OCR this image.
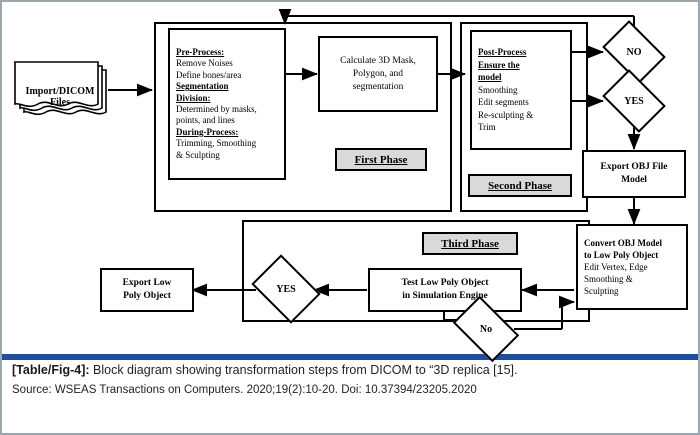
Import/DICOM Files
Pre-Process:
Remove Noises
Define bones/area
Segmentation
Division:
Determined by masks,
points, and lines
During-Process:
Trimming, Smoothing
& Sculpting
Calculate 3D Mask,
Polygon, and
segmentation
First Phase
Post-Process
Ensure the
model
Smoothing
Edit segments
Re-sculpting &
Trim
Second Phase
NO
YES
Export OBJ File
Model
Third Phase	Convert OBJ Model
to Low Poly Object
Edit Vertex, Edge
Smoothing &
Sculpting
Test Low Poly Object
in Simulation Engine
YES
No
Export Low
Poly Object
[Table/Fig-4]: Block diagram showing transformation steps from DICOM to “3D replica [15].
Source: WSEAS Transactions on Computers. 2020;19(2):10-20. Doi: 10.37394/23205.2020
